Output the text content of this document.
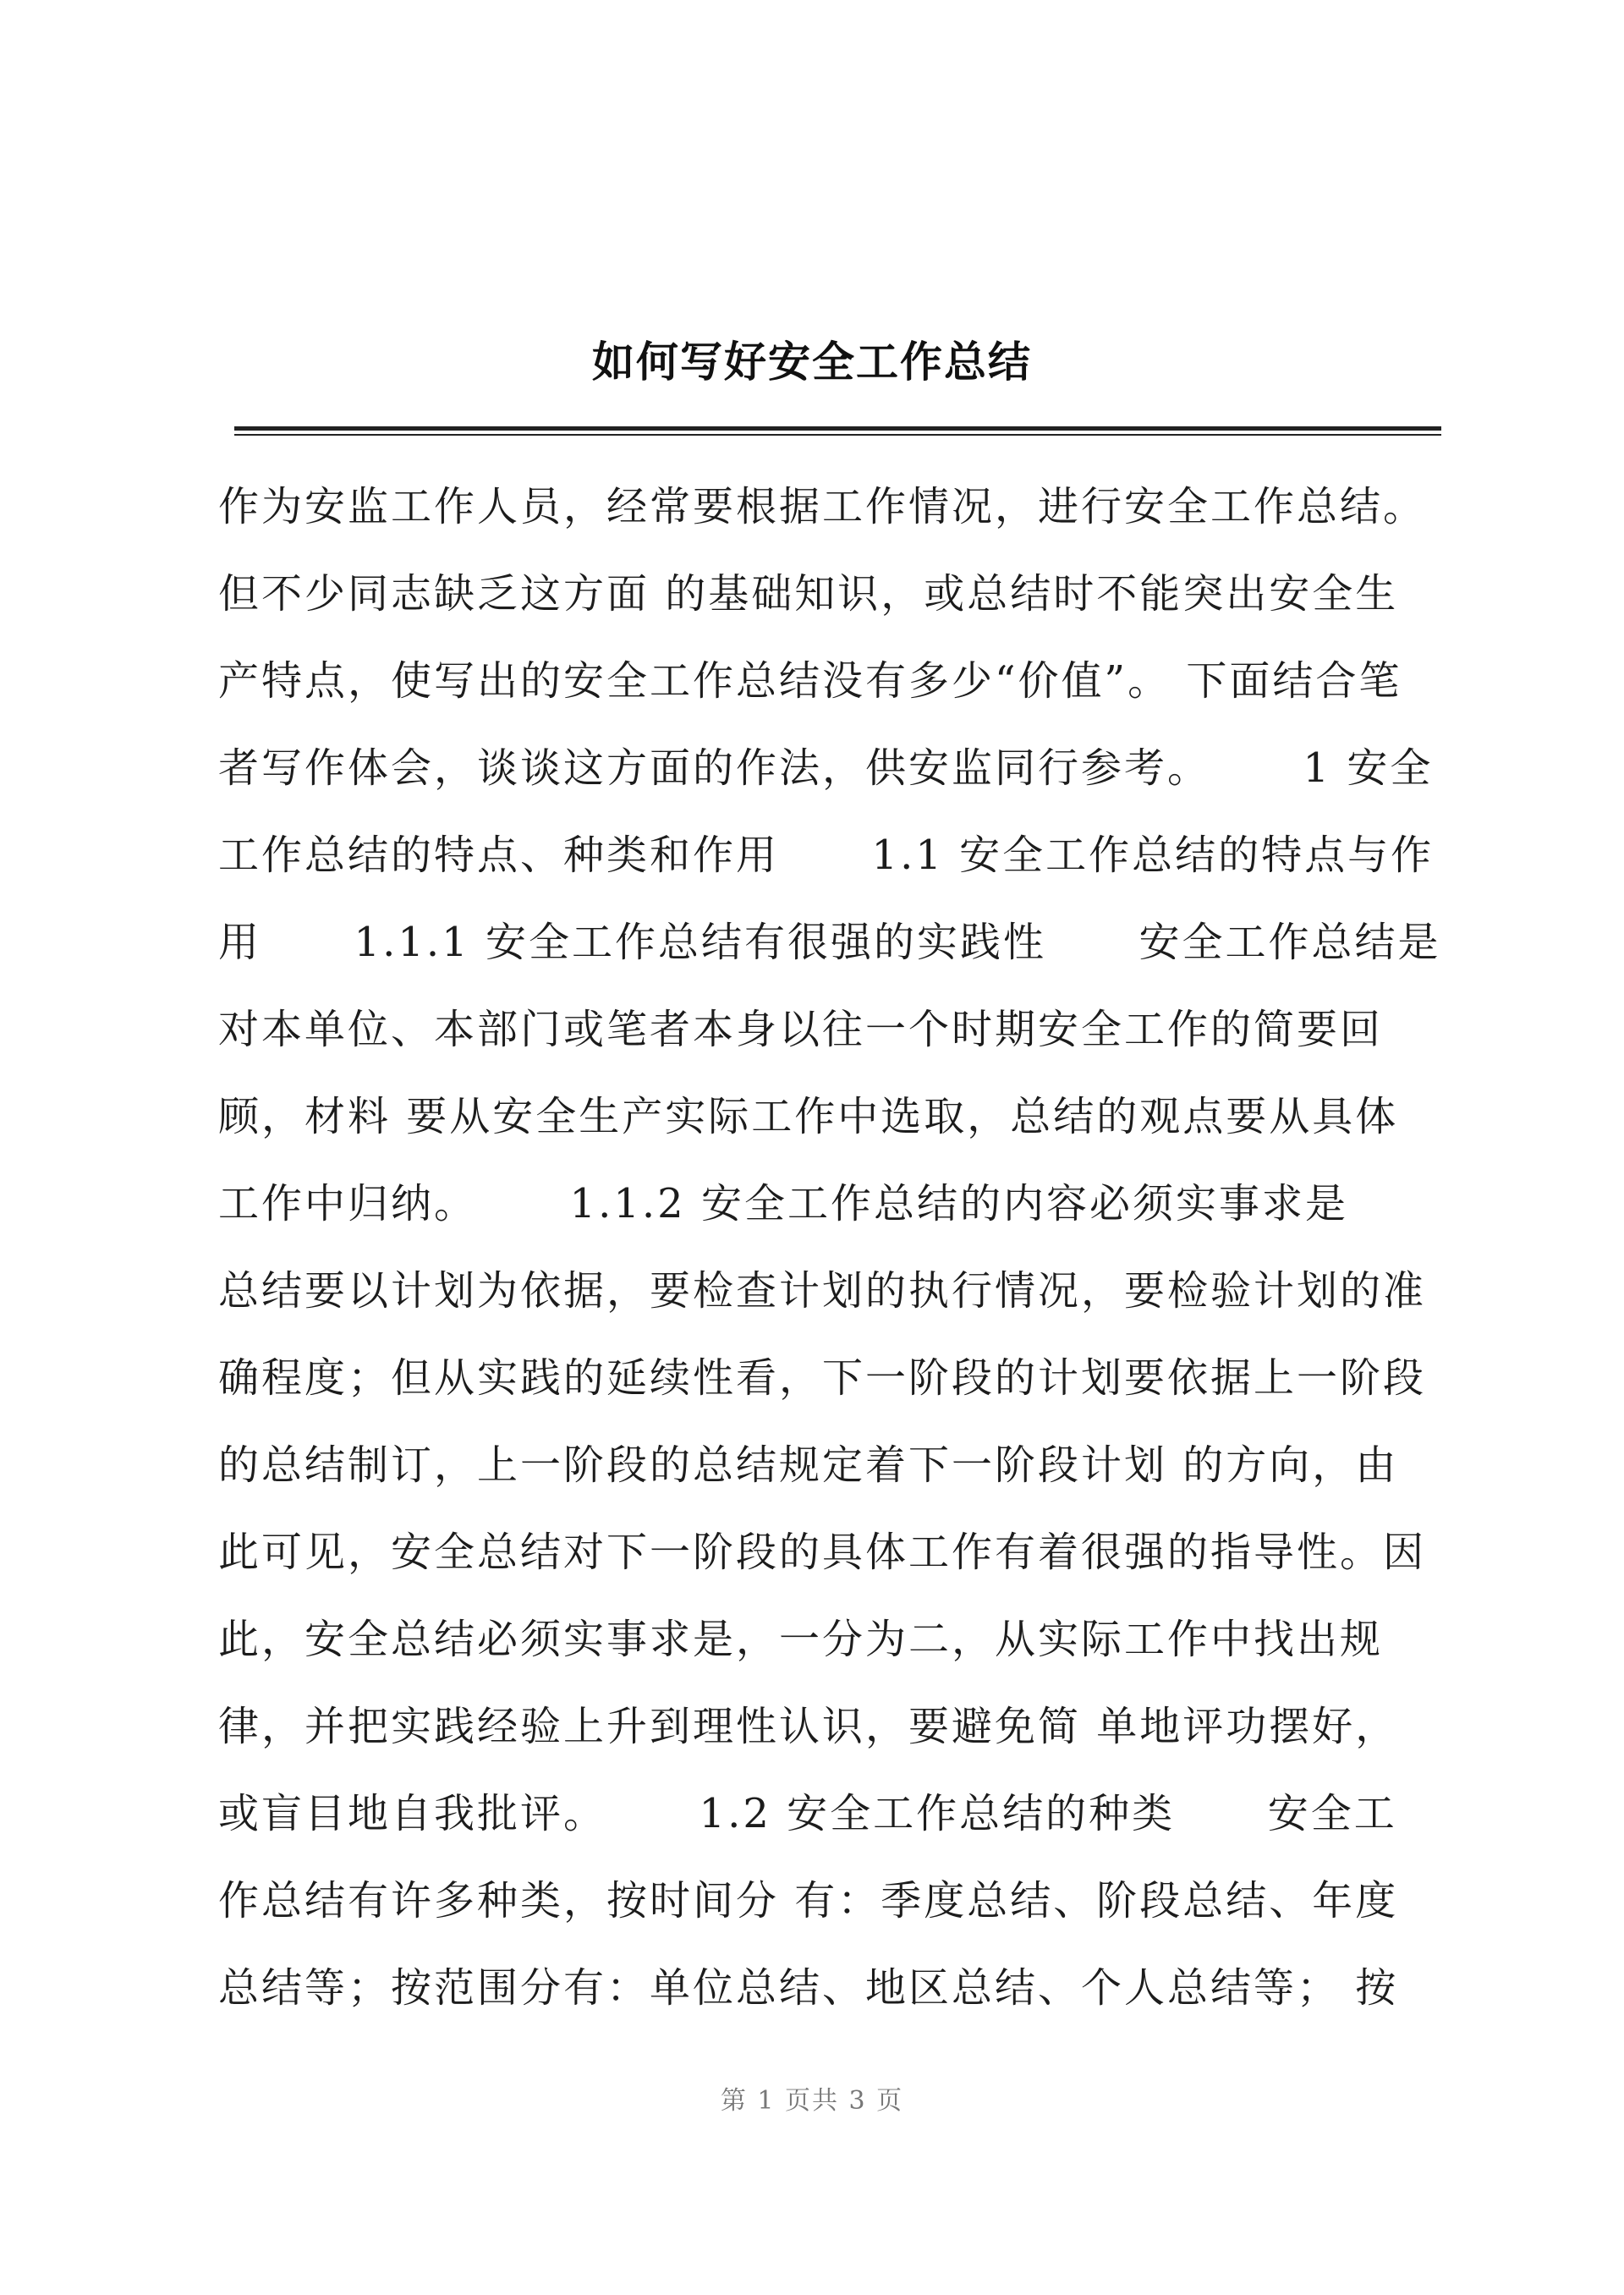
如何写好安全工作总结
作为安监工作人员，经常要根据工作情况，进行安全工作总结。
但不少同志缺乏这方面 的基础知识，或总结时不能突出安全生
产特点，使写出的安全工作总结没有多少“价值”。 下面结合笔
者写作体会，谈谈这方面的作法，供安监同行参考。      1 安全
工作总结的特点、种类和作用      1.1 安全工作总结的特点与作
用      1.1.1 安全工作总结有很强的实践性      安全工作总结是
对本单位、本部门或笔者本身以往一个时期安全工作的简要回
顾，材料 要从安全生产实际工作中选取，总结的观点要从具体
工作中归纳。      1.1.2 安全工作总结的内容必须实事求是
总结要以计划为依据，要检查计划的执行情况，要检验计划的准
确程度；但从实践的延续性看，下一阶段的计划要依据上一阶段
的总结制订，上一阶段的总结规定着下一阶段计划 的方向，由
此可见，安全总结对下一阶段的具体工作有着很强的指导性。因
此，安全总结必须实事求是，一分为二，从实际工作中找出规
律，并把实践经验上升到理性认识，要避免简 单地评功摆好，
或盲目地自我批评。      1.2 安全工作总结的种类      安全工
作总结有许多种类，按时间分 有：季度总结、阶段总结、年度
总结等；按范围分有：单位总结、地区总结、个人总结等； 按
第 1 页共 3 页
